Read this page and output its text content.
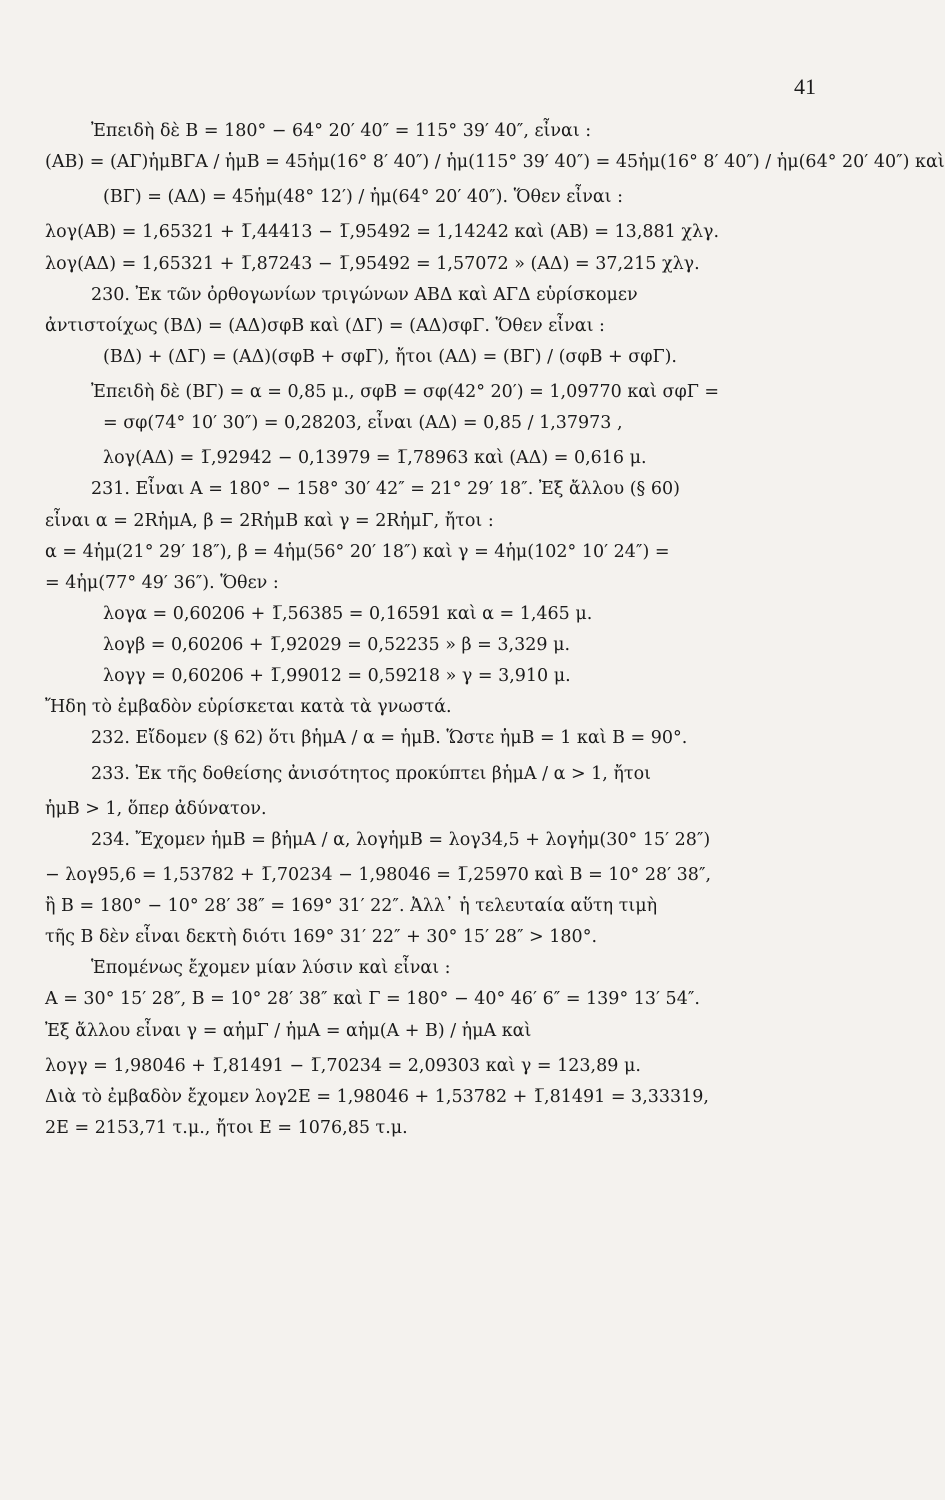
41
Ἐπειδὴ δὲ Β = 180° − 64° 20′ 40″ = 115° 39′ 40″, εἶναι :
(ΑΒ) = (ΑΓ)ἡμΒΓΑ / ἡμΒ = 45ἡμ(16° 8′ 40″) / ἡμ(115° 39′ 40″) = 45ἡμ(16° 8′ 40″) / ἡμ(64° 20′ 40″) καὶ
(ΒΓ) = (ΑΔ) = 45ἡμ(48° 12′) / ἡμ(64° 20′ 40″). Ὅθεν εἶναι :
λογ(ΑΒ) = 1,65321 + 1̅,44413 − 1̅,95492 = 1,14242 καὶ (ΑΒ) = 13,881 χλγ.
λογ(ΑΔ) = 1,65321 + 1̅,87243 − 1̅,95492 = 1,57072 » (ΑΔ) = 37,215 χλγ.
230. Ἐκ τῶν ὀρθογωνίων τριγώνων ΑΒΔ καὶ ΑΓΔ εὑρίσκομεν
ἀντιστοίχως (ΒΔ) = (ΑΔ)σφΒ καὶ (ΔΓ) = (ΑΔ)σφΓ. Ὅθεν εἶναι :
(ΒΔ) + (ΔΓ) = (ΑΔ)(σφΒ + σφΓ), ἤτοι (ΑΔ) = (ΒΓ) / (σφΒ + σφΓ).
Ἐπειδὴ δὲ (ΒΓ) = α = 0,85 μ., σφΒ = σφ(42° 20′) = 1,09770 καὶ σφΓ =
= σφ(74° 10′ 30″) = 0,28203, εἶναι (ΑΔ) = 0,85 / 1,37973 ,
λογ(ΑΔ) = 1̅,92942 − 0,13979 = 1̅,78963 καὶ (ΑΔ) = 0,616 μ.
231. Εἶναι Α = 180° − 158° 30′ 42″ = 21° 29′ 18″. Ἐξ ἄλλου (§ 60)
εἶναι α = 2RἡμΑ, β = 2RἡμΒ καὶ γ = 2RἡμΓ, ἤτοι :
α = 4ἡμ(21° 29′ 18″), β = 4ἡμ(56° 20′ 18″) καὶ γ = 4ἡμ(102° 10′ 24″) =
= 4ἡμ(77° 49′ 36″). Ὅθεν :
λογα = 0,60206 + 1̅,56385 = 0,16591 καὶ α = 1,465 μ.
λογβ = 0,60206 + 1̅,92029 = 0,52235 » β = 3,329 μ.
λογγ = 0,60206 + 1̅,99012 = 0,59218 » γ = 3,910 μ.
Ἤδη τὸ ἐμβαδὸν εὑρίσκεται κατὰ τὰ γνωστά.
232. Εἴδομεν (§ 62) ὅτι βἡμΑ / α = ἡμΒ. Ὥστε ἡμΒ = 1 καὶ Β = 90°.
233. Ἐκ τῆς δοθείσης ἀνισότητος προκύπτει βἡμΑ / α > 1, ἤτοι
ἡμΒ > 1, ὅπερ ἀδύνατον.
234. Ἔχομεν ἡμΒ = βἡμΑ / α, λογἡμΒ = λογ34,5 + λογἡμ(30° 15′ 28″)
− λογ95,6 = 1,53782 + 1̅,70234 − 1,98046 = 1̅,25970 καὶ Β = 10° 28′ 38″,
ἢ Β = 180° − 10° 28′ 38″ = 169° 31′ 22″. Ἀλλ᾽ ἡ τελευταία αὕτη τιμὴ
τῆς Β δὲν εἶναι δεκτὴ διότι 169° 31′ 22″ + 30° 15′ 28″ > 180°.
Ἑπομένως ἔχομεν μίαν λύσιν καὶ εἶναι :
Α = 30° 15′ 28″, Β = 10° 28′ 38″ καὶ Γ = 180° − 40° 46′ 6″ = 139° 13′ 54″.
Ἐξ ἄλλου εἶναι γ = αἡμΓ / ἡμΑ = αἡμ(Α + Β) / ἡμΑ καὶ
λογγ = 1,98046 + 1̅,81491 − 1̅,70234 = 2,09303 καὶ γ = 123,89 μ.
Διὰ τὸ ἐμβαδὸν ἔχομεν λογ2Ε = 1,98046 + 1,53782 + 1̅,81491 = 3,33319,
2Ε = 2153,71 τ.μ., ἤτοι Ε = 1076,85 τ.μ.
